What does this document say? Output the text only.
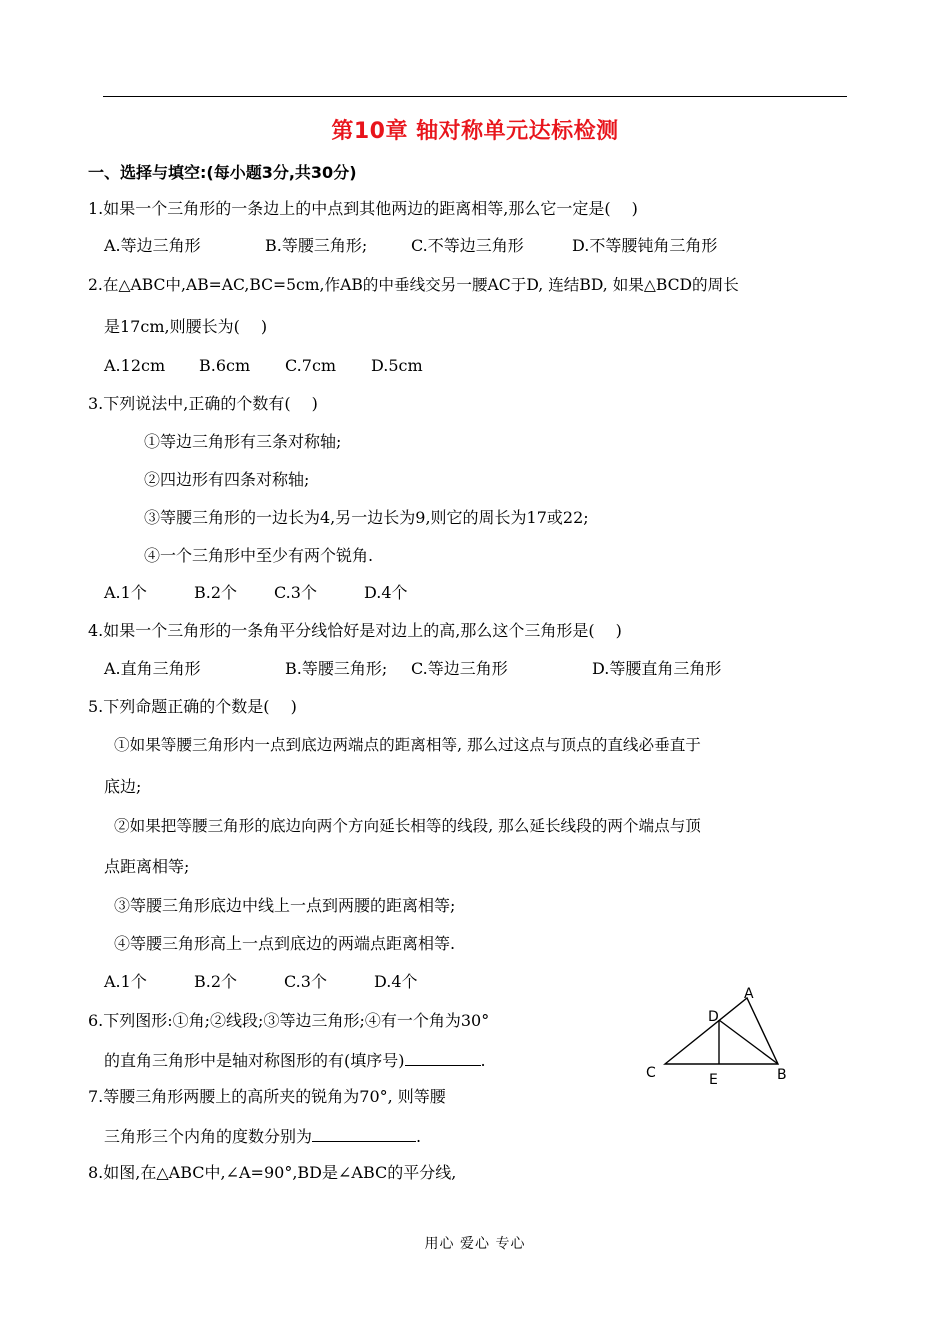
第10章 轴对称单元达标检测
一、选择与填空:(每小题3分,共30分)
1.如果一个三角形的一条边上的中点到其他两边的距离相等,那么它一定是(　 )
A.等边三角形	B.等腰三角形;	C.不等边三角形	D.不等腰钝角三角形
2.在△ABC中,AB=AC,BC=5cm,作AB的中垂线交另一腰AC于D, 连结BD, 如果△BCD的周长
是17cm,则腰长为(　 )
A.12cm B.6cm C.7cm D.5cm
3.下列说法中,正确的个数有(　 )
①等边三角形有三条对称轴;
②四边形有四条对称轴;
③等腰三角形的一边长为4,另一边长为9,则它的周长为17或22;
④一个三角形中至少有两个锐角.
A.1个	B.2个 C.3个	D.4个
4.如果一个三角形的一条角平分线恰好是对边上的高,那么这个三角形是(　 )
A.直角三角形	B.等腰三角形; C.等边三角形	D.等腰直角三角形
5.下列命题正确的个数是(　 )
①如果等腰三角形内一点到底边两端点的距离相等, 那么过这点与顶点的直线必垂直于
底边;
②如果把等腰三角形的底边向两个方向延长相等的线段, 那么延长线段的两个端点与顶
点距离相等;
③等腰三角形底边中线上一点到两腰的距离相等;
④等腰三角形高上一点到底边的两端点距离相等.
A.1个	B.2个	C.3个	D.4个
6.下列图形:①角;②线段;③等边三角形;④有一个角为30°
的直角三角形中是轴对称图形的有(填序号)	.
7.等腰三角形两腰上的高所夹的锐角为70°, 则等腰
三角形三个内角的度数分别为	.
8.如图,在△ABC中,∠A=90°,BD是∠ABC的平分线,
A
D
C	E	B
用心 爱心 专心
